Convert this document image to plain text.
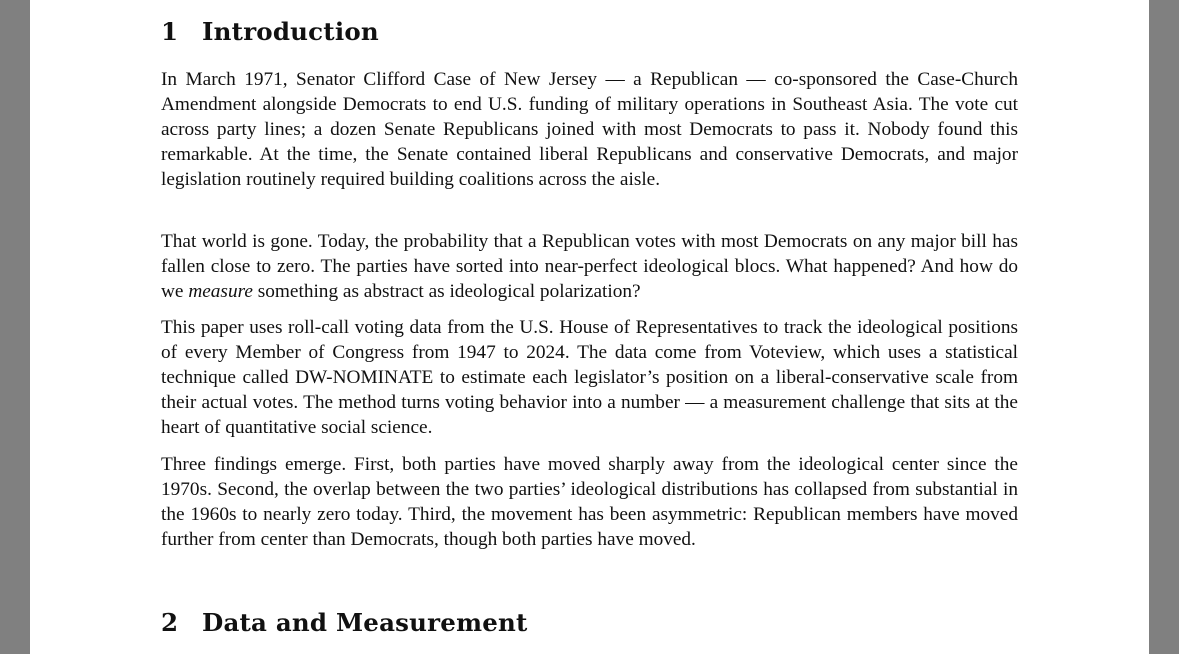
1 Introduction

In March 1971, Senator Clifford Case of New Jersey — a Republican — co-sponsored the Case-Church Amendment alongside Democrats to end U.S. funding of military operations in Southeast Asia. The vote cut across party lines; a dozen Senate Republicans joined with most Democrats to pass it. Nobody found this remarkable. At the time, the Senate contained liberal Republicans and conservative Democrats, and major legislation routinely required building coalitions across the aisle.

That world is gone. Today, the probability that a Republican votes with most Democrats on any major bill has fallen close to zero. The parties have sorted into near-perfect ideological blocs. What happened? And how do we measure something as abstract as ideological polarization?

This paper uses roll-call voting data from the U.S. House of Representatives to track the ideological positions of every Member of Congress from 1947 to 2024. The data come from Voteview, which uses a statistical technique called DW-NOMINATE to estimate each legislator’s position on a liberal-conservative scale from their actual votes. The method turns voting behavior into a number — a measurement challenge that sits at the heart of quantitative social science.

Three findings emerge. First, both parties have moved sharply away from the ideological center since the 1970s. Second, the overlap between the two parties’ ideological distributions has collapsed from substantial in the 1960s to nearly zero today. Third, the movement has been asymmetric: Republican members have moved further from center than Democrats, though both parties have moved.

2 Data and Measurement
